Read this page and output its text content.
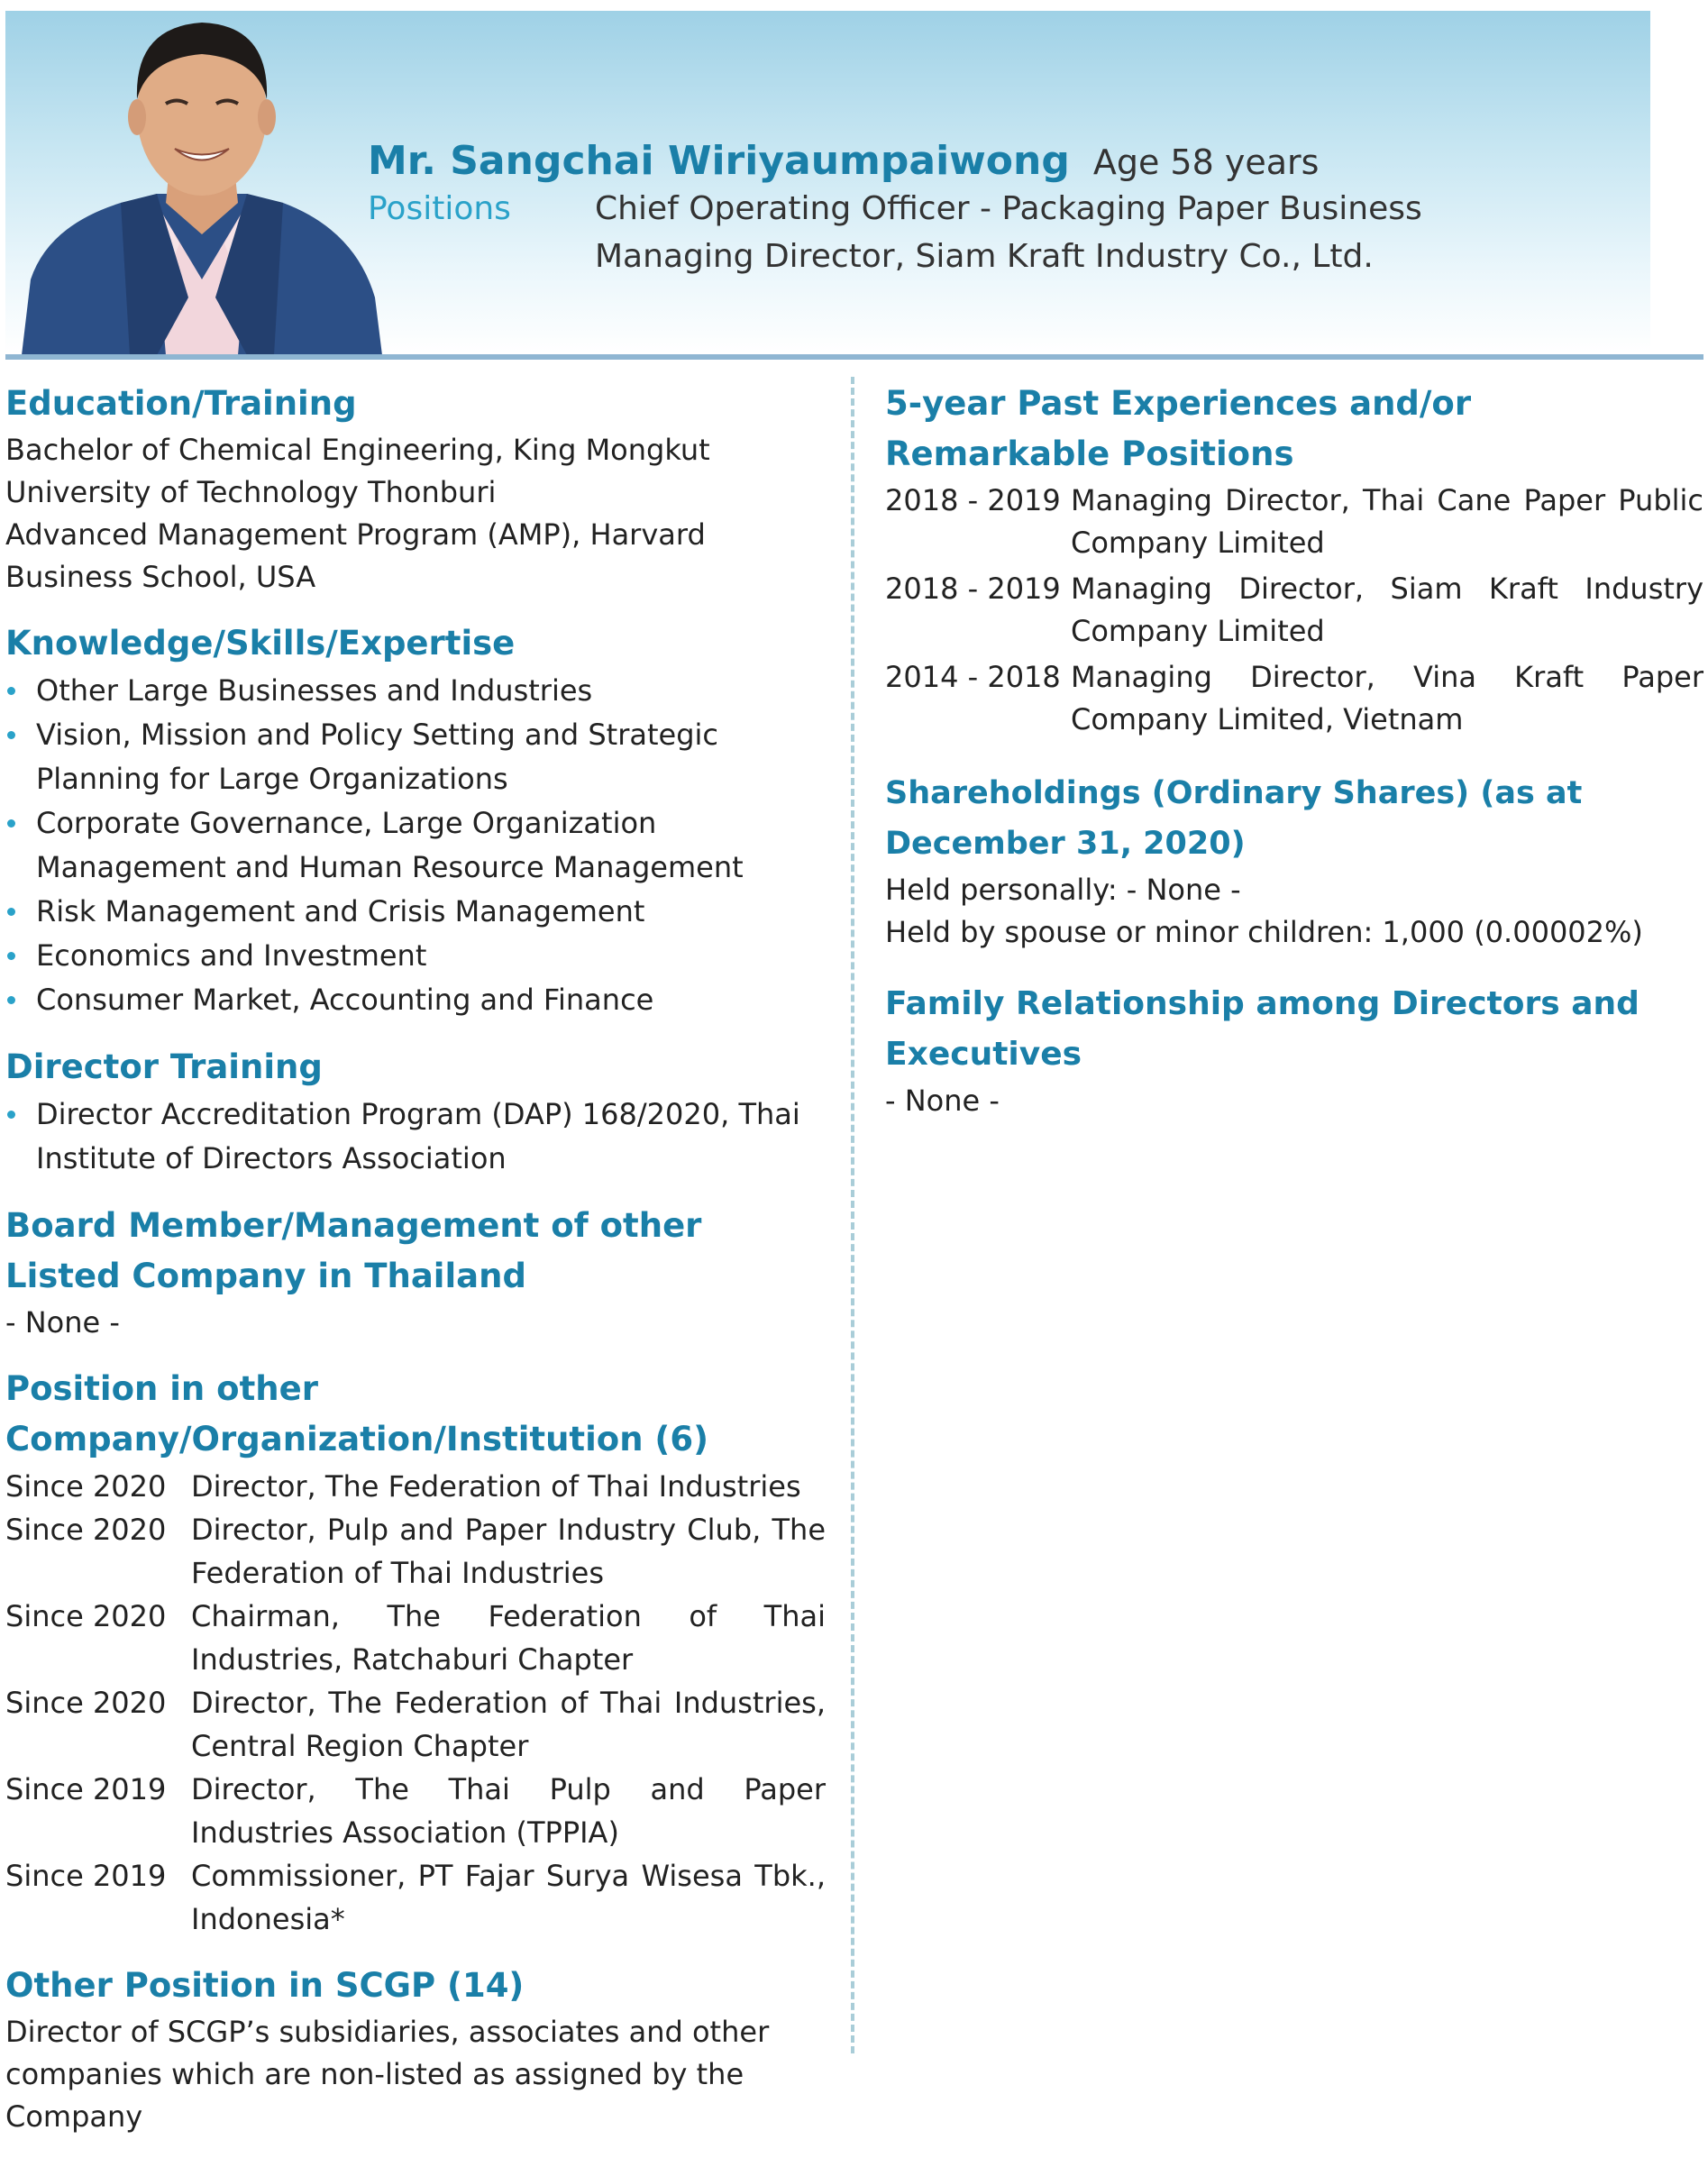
Mr. Sangchai Wiriyaumpaiwong Age 58 years
Positions	Chief Operating Officer - Packaging Paper Business
Managing Director, Siam Kraft Industry Co., Ltd.
Education/Training

Bachelor of Chemical Engineering, King Mongkut University of Technology Thonburi

Advanced Management Program (AMP), Harvard Business School, USA

Knowledge/Skills/Expertise
Other Large Businesses and Industries
Vision, Mission and Policy Setting and Strategic Planning for Large Organizations
Corporate Governance, Large Organization Management and Human Resource Management
Risk Management and Crisis Management
Economics and Investment
Consumer Market, Accounting and Finance
Director Training
Director Accreditation Program (DAP) 168/2020, Thai Institute of Directors Association
Board Member/Management of other Listed Company in Thailand

- None -

Position in other Company/Organization/Institution (6)
Since 2020 Director, The Federation of Thai Industries
Since 2020 Director, Pulp and Paper Industry Club, The Federation of Thai Industries
Since 2020 Chairman, The Federation of Thai Industries, Ratchaburi Chapter
Since 2020 Director, The Federation of Thai Industries, Central Region Chapter
Since 2019 Director, The Thai Pulp and Paper Industries Association (TPPIA)
Since 2019 Commissioner, PT Fajar Surya Wisesa Tbk., Indonesia*
Other Position in SCGP (14)

Director of SCGP’s subsidiaries, associates and other companies which are non-listed as assigned by the Company

5-year Past Experiences and/or Remarkable Positions
2018 - 2019 Managing Director, Thai Cane Paper Public Company Limited
2018 - 2019 Managing Director, Siam Kraft Industry Company Limited
2014 - 2018 Managing Director, Vina Kraft Paper Company Limited, Vietnam
Shareholdings (Ordinary Shares) (as at December 31, 2020)

Held personally: - None -

Held by spouse or minor children: 1,000 (0.00002%)

Family Relationship among Directors and Executives

- None -
